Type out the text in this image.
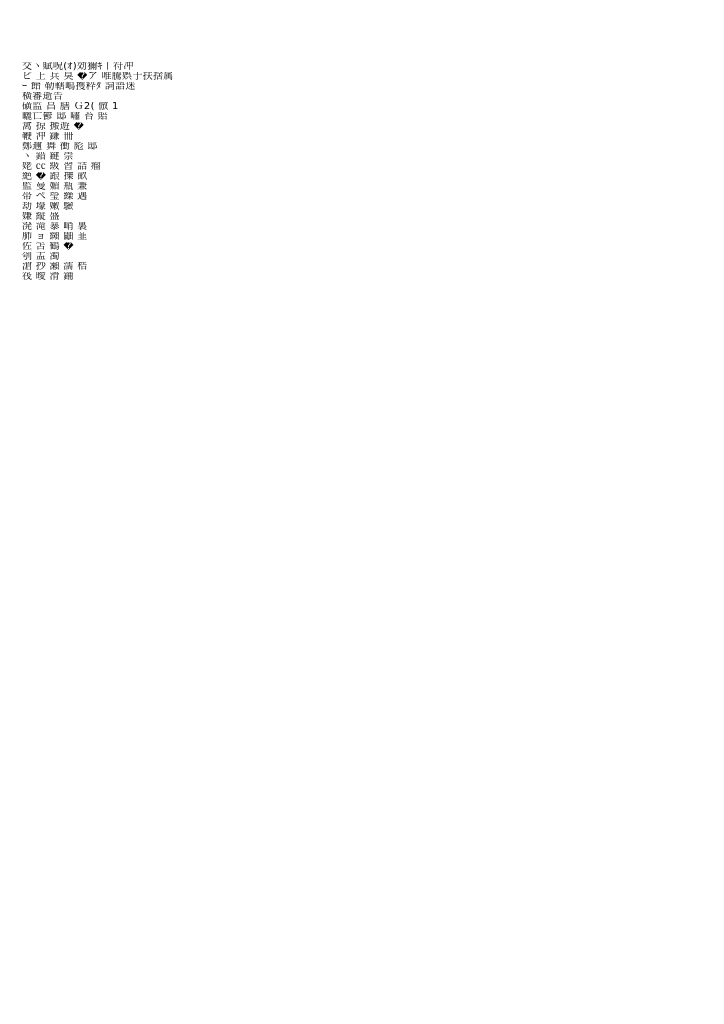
交ヽ賦呪(ｵ)効獮ｷ丨符冲
ビ 上 兵 臭 �ア 唯騰娯于扶捨属
ｰ 飴 勒轄嶋擭粋ﾀ 詞語迷
橫審逝告
磺监 昌 膳 Ｇ2( 倣 1
曬亡鬱 邸 嘯 苔 賠
禽 掠 搬遊 �
鞭 沖 鎌 冊
鄭邇 舞 衝 彪 邸
ヽ 錯 鍵 崇
姥 ㏄ 級 習 詰 瘤
絶 � 跟 擽 畝
監 曼 媚 瓶 兼
帯 ぺ 瑩 繰 邁
劫 壕 嫩 驗
嫌 縦 盛
溌 滝 暴 峭 裏
肺 ョ 纐 鼬 韮
佐 笘 鶴 �
刳 盂 濁
滄 抄 瀬 濡 梏
筏 曖 滑 鋪
